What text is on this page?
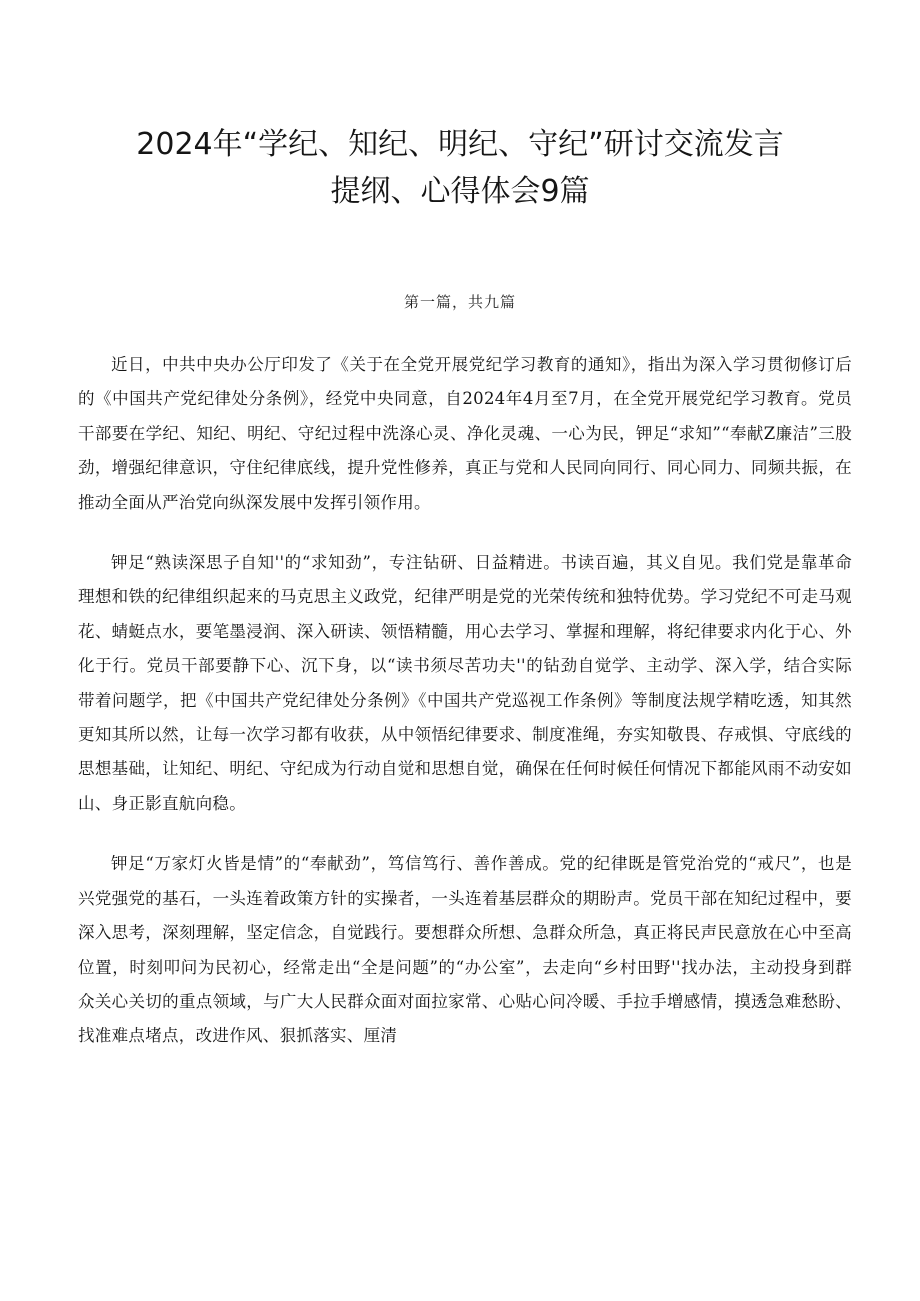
2024年“学纪、知纪、明纪、守纪”研讨交流发言
提纲、心得体会9篇
第一篇，共九篇

近日，中共中央办公厅印发了《关于在全党开展党纪学习教育的通知》，指出为深入学习贯彻修订后的《中国共产党纪律处分条例》，经党中央同意，自2024年4月至7月，在全党开展党纪学习教育。党员干部要在学纪、知纪、明纪、守纪过程中洗涤心灵、净化灵魂、一心为民，钾足“求知”“奉献Z廉洁”三股劲，增强纪律意识，守住纪律底线，提升党性修养，真正与党和人民同向同行、同心同力、同频共振，在推动全面从严治党向纵深发展中发挥引领作用。

钾足“熟读深思子自知''的“求知劲”，专注钻研、日益精进。书读百遍，其义自见。我们党是靠革命理想和铁的纪律组织起来的马克思主义政党，纪律严明是党的光荣传统和独特优势。学习党纪不可走马观花、蜻蜓点水，要笔墨浸润、深入研读、领悟精髓，用心去学习、掌握和理解，将纪律要求内化于心、外化于行。党员干部要静下心、沉下身，以“读书须尽苦功夫''的钻劲自觉学、主动学、深入学，结合实际带着问题学，把《中国共产党纪律处分条例》《中国共产党巡视工作条例》等制度法规学精吃透，知其然更知其所以然，让每一次学习都有收获，从中领悟纪律要求、制度准绳，夯实知敬畏、存戒惧、守底线的思想基础，让知纪、明纪、守纪成为行动自觉和思想自觉，确保在任何时候任何情况下都能风雨不动安如山、身正影直航向稳。

钾足“万家灯火皆是情”的“奉献劲”，笃信笃行、善作善成。党的纪律既是管党治党的“戒尺”，也是兴党强党的基石，一头连着政策方针的实操者，一头连着基层群众的期盼声。党员干部在知纪过程中，要深入思考，深刻理解，坚定信念，自觉践行。要想群众所想、急群众所急，真正将民声民意放在心中至高位置，时刻叩问为民初心，经常走出“全是问题”的“办公室”，去走向“乡村田野''找办法，主动投身到群众关心关切的重点领域，与广大人民群众面对面拉家常、心贴心问冷暖、手拉手增感情，摸透急难愁盼、找准难点堵点，改进作风、狠抓落实、厘清
